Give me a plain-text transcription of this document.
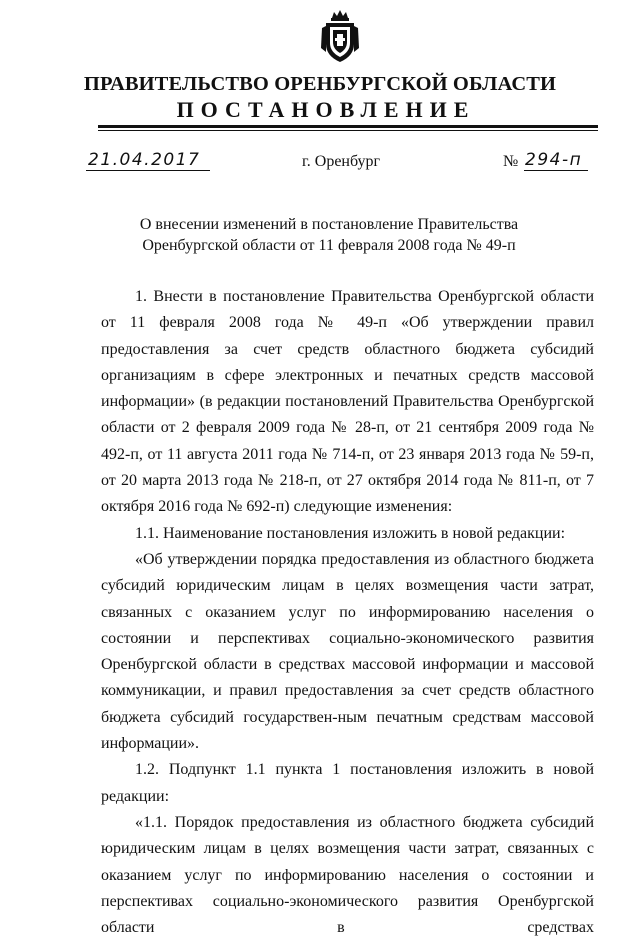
ПРАВИТЕЛЬСТВО ОРЕНБУРГСКОЙ ОБЛАСТИ
ПОСТАНОВЛЕНИЕ
21.04.2017	г. Оренбург	№ 294-п
О внесении изменений в постановление Правительства
Оренбургской области от 11 февраля 2008 года № 49-п

1. Внести в постановление Правительства Оренбургской области от 11 февраля 2008 года № 49-п «Об утверждении правил предоставления за счет средств областного бюджета субсидий организациям в сфере электронных и печатных средств массовой информации» (в редакции постановлений Правительства Оренбургской области от 2 февраля 2009 года № 28-п, от 21 сентября 2009 года № 492-п, от 11 августа 2011 года № 714-п, от 23 января 2013 года № 59-п, от 20 марта 2013 года № 218-п, от 27 октября 2014 года № 811-п, от 7 октября 2016 года № 692-п) следующие изменения:

1.1. Наименование постановления изложить в новой редакции:

«Об утверждении порядка предоставления из областного бюджета субсидий юридическим лицам в целях возмещения части затрат, связанных с оказанием услуг по информированию населения о состоянии и перспективах социально-экономического развития Оренбургской области в средствах массовой информации и массовой коммуникации, и правил предоставления за счет средств областного бюджета субсидий государствен-ным печатным средствам массовой информации».

1.2. Подпункт 1.1 пункта 1 постановления изложить в новой редакции:

«1.1. Порядок предоставления из областного бюджета субсидий юридическим лицам в целях возмещения части затрат, связанных с оказанием услуг по информированию населения о состоянии и перспективах социально-экономического развития Оренбургской области в средствах
